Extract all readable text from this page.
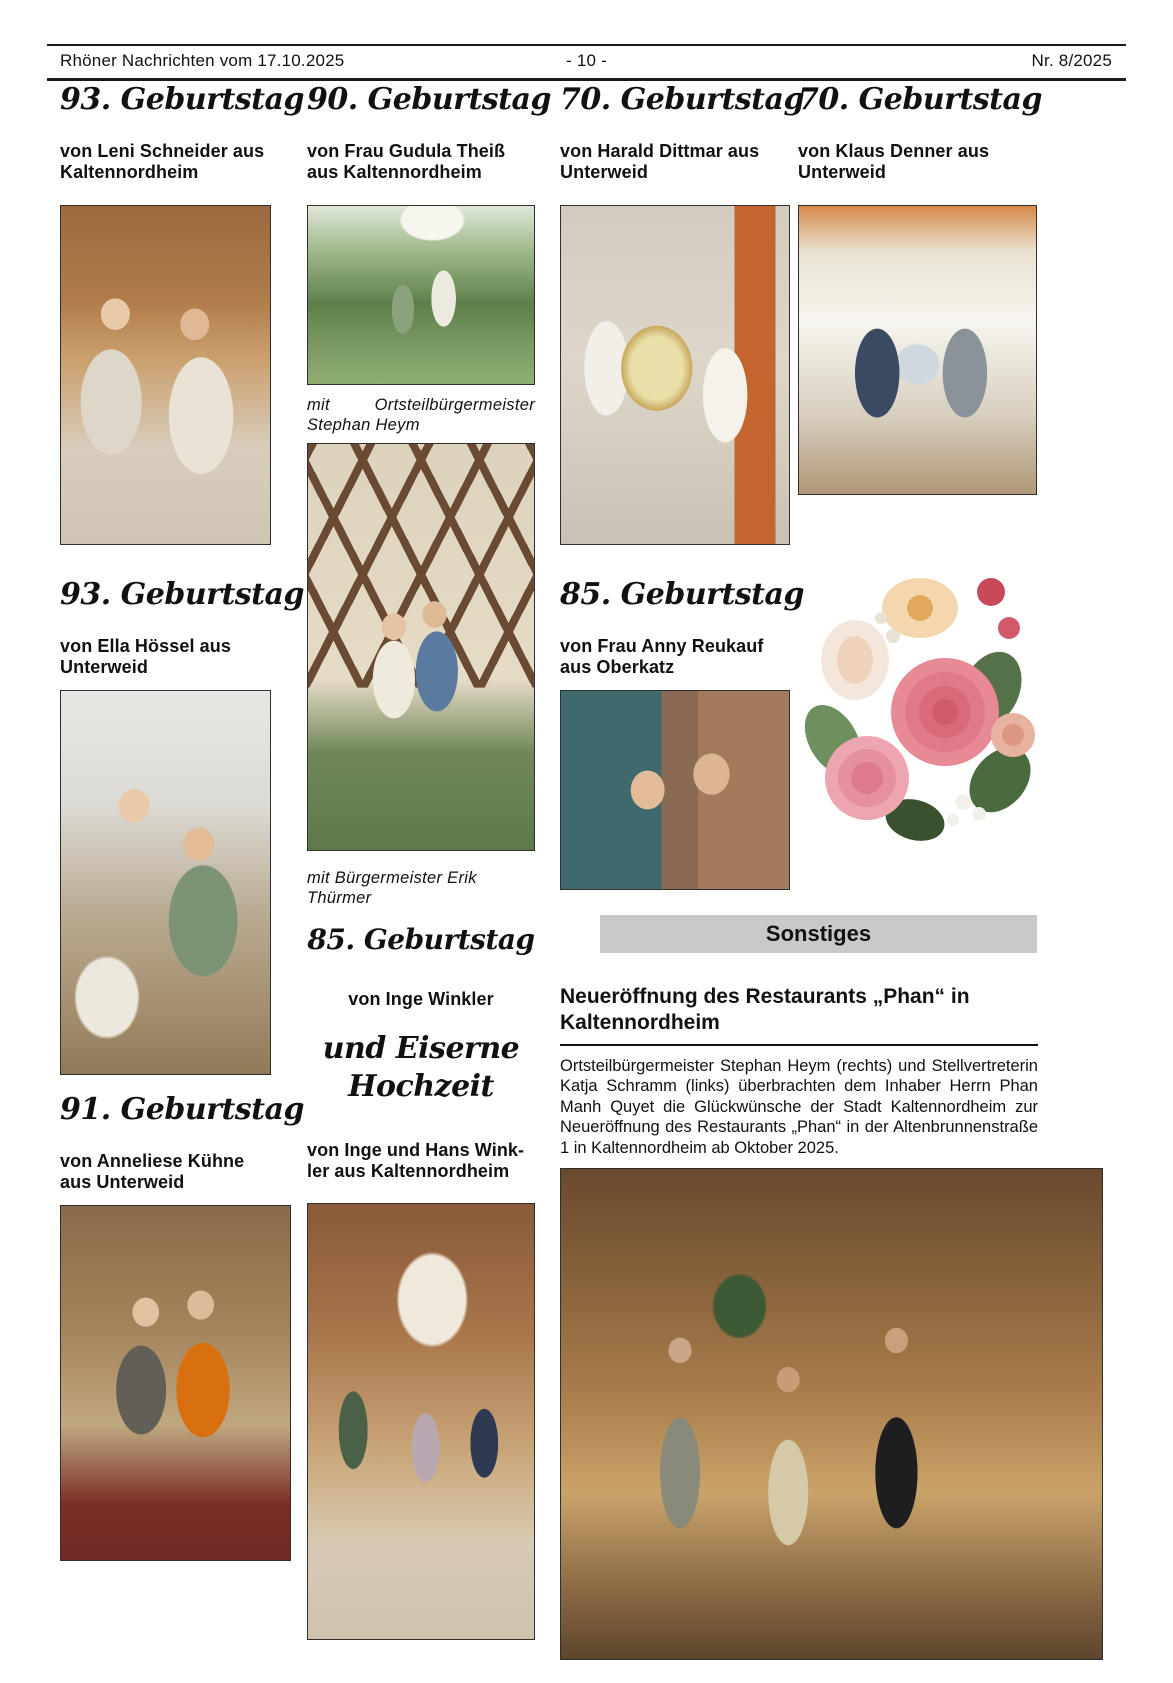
Rhöner Nachrichten vom 17.10.2025	- 10 -	Nr. 8/2025
93. Geburtstag

von Leni Schneider aus Kaltennordheim

93. Geburtstag

von Ella Hössel aus Unterweid

91. Geburtstag

von Anneliese Kühne aus Unterweid

90. Geburtstag

von Frau Gudula Theiß aus Kaltennordheim

mit Ortsteilbürgermeister Stephan Heym

mit Bürgermeister Erik Thürmer

85. Geburtstag

von Inge Winkler

und Eiserne Hochzeit

von Inge und Hans Wink-ler aus Kaltennordheim

70. Geburtstag

von Harald Dittmar aus Unterweid

85. Geburtstag

von Frau Anny Reukauf aus Oberkatz

70. Geburtstag

von Klaus Denner aus Unterweid

Sonstiges
Neueröffnung des Restaurants „Phan“ in Kaltennordheim

Ortsteilbürgermeister Stephan Heym (rechts) und Stellvertreterin Katja Schramm (links) überbrachten dem Inhaber Herrn Phan Manh Quyet die Glückwünsche der Stadt Kaltennordheim zur Neueröffnung des Restaurants „Phan“ in der Altenbrunnenstraße 1 in Kaltennordheim ab Oktober 2025.
